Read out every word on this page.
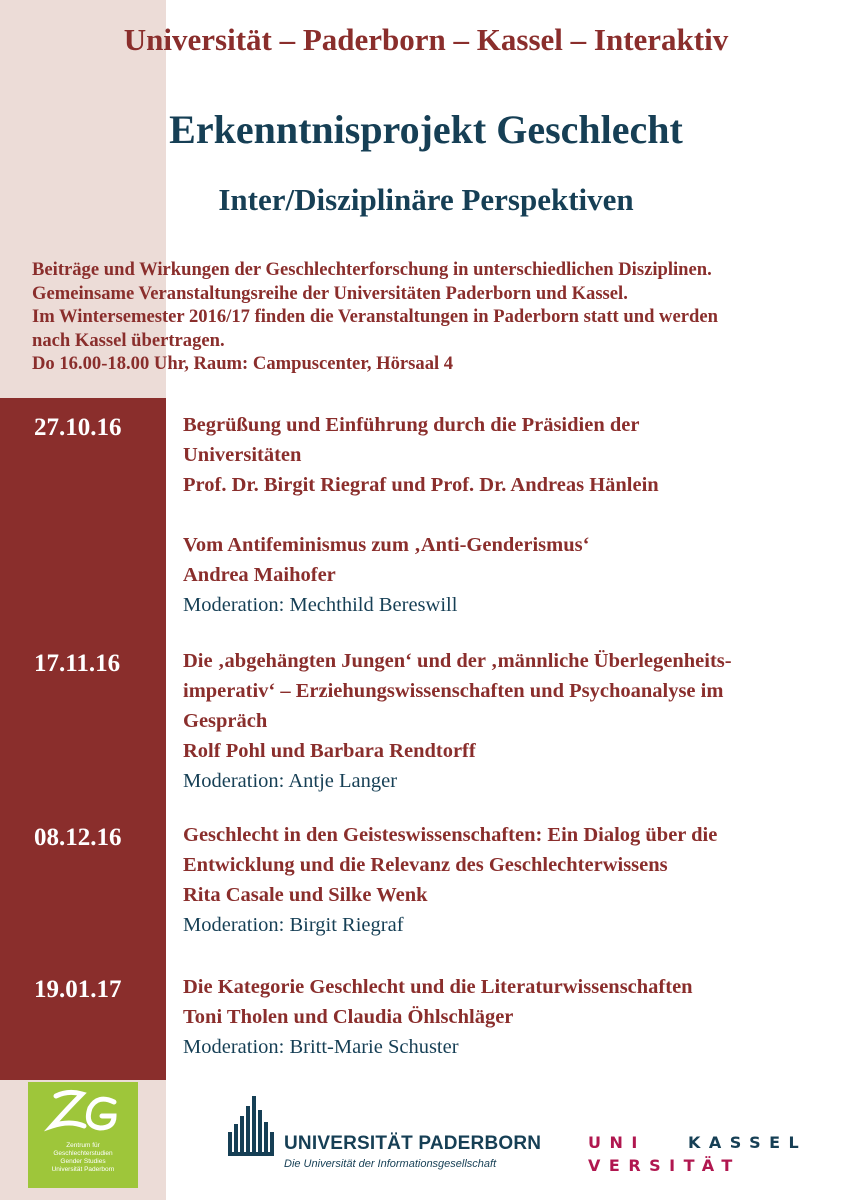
Universität – Paderborn – Kassel – Interaktiv
Erkenntnisprojekt Geschlecht
Inter/Disziplinäre Perspektiven
Beiträge und Wirkungen der Geschlechterforschung in unterschiedlichen Disziplinen.
Gemeinsame Veranstaltungsreihe der Universitäten Paderborn und Kassel.
Im Wintersemester 2016/17 finden die Veranstaltungen in Paderborn statt und werden
nach Kassel übertragen.
Do 16.00-18.00 Uhr, Raum: Campuscenter, Hörsaal 4
27.10.16	Begrüßung und Einführung durch die Präsidien der
Universitäten
Prof. Dr. Birgit Riegraf und Prof. Dr. Andreas Hänlein
Vom Antifeminismus zum ‚Anti-Genderismus‘
Andrea Maihofer
Moderation: Mechthild Bereswill
17.11.16	Die ‚abgehängten Jungen‘ und der ‚männliche Überlegenheits-
imperativ‘ – Erziehungswissenschaften und Psychoanalyse im
Gespräch
Rolf Pohl und Barbara Rendtorff
Moderation: Antje Langer
08.12.16	Geschlecht in den Geisteswissenschaften: Ein Dialog über die
Entwicklung und die Relevanz des Geschlechterwissens
Rita Casale und Silke Wenk
Moderation: Birgit Riegraf
19.01.17	Die Kategorie Geschlecht und die Literaturwissenschaften
Toni Tholen und Claudia Öhlschläger
Moderation: Britt-Marie Schuster
Zentrum für
Geschlechterstudien
Gender Studies
Universität Paderborn
UNIVERSITÄT PADERBORN
Die Universität der Informationsgesellschaft
UNI	KASSEL
VERSITÄT
